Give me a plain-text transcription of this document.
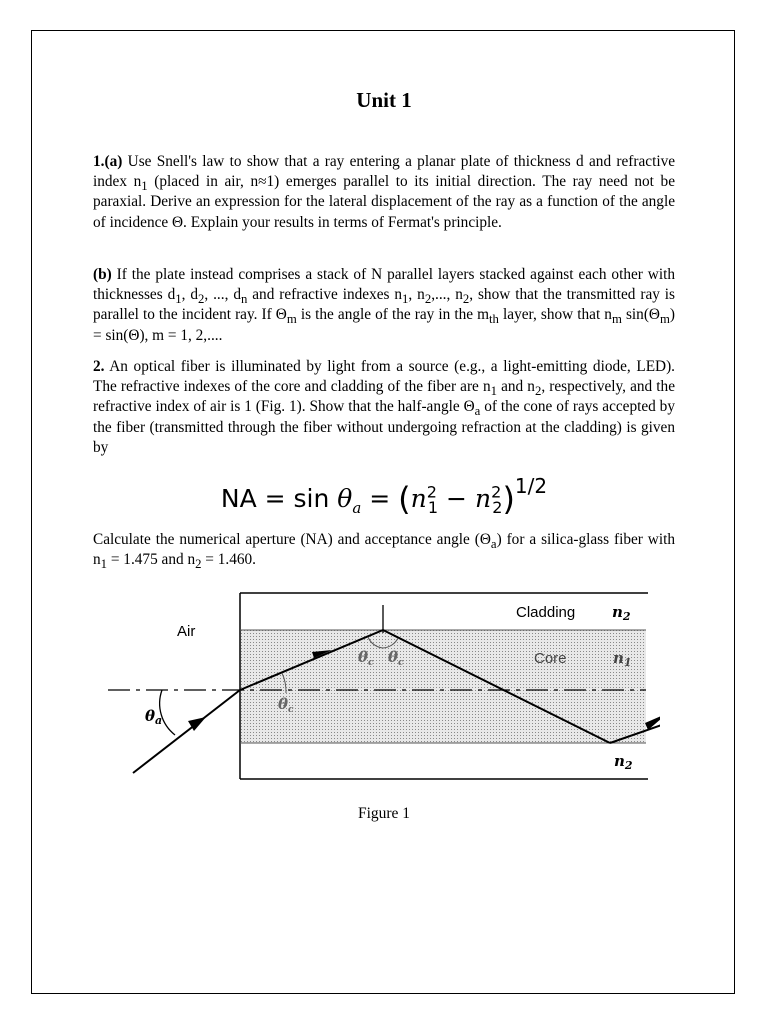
Unit 1
1.(a) Use Snell's law to show that a ray entering a planar plate of thickness d and refractive index $n_1$ (placed in air, n≈1) emerges parallel to its initial direction. The ray need not be paraxial. Derive an expression for the lateral displacement of the ray as a function of the angle of incidence Θ. Explain your results in terms of Fermat's principle.
(b) If the plate instead comprises a stack of N parallel layers stacked against each other with thicknesses $d_1$, $d_2$, ..., $d_n$ and refractive indexes $n_1$, $n_2$,..., $n_2$, show that the transmitted ray is parallel to the incident ray. If $\Theta_m$ is the angle of the ray in the $m_{th}$ layer, show that $n_m$ $\sin(\Theta_m) = \sin(\Theta)$, m = 1, 2,....
2. An optical fiber is illuminated by light from a source (e.g., a light-emitting diode, LED). The refractive indexes of the core and cladding of the fiber are $n_1$ and $n_2$, respectively, and the refractive index of air is 1 (Fig. 1). Show that the half-angle $\Theta_a$ of the cone of rays accepted by the fiber (transmitted through the fiber without undergoing refraction at the cladding) is given by
NA = $\sin \theta_a = (n^2_1 - n^2_2)^{1/2}$
Calculate the numerical aperture (NA) and acceptance angle $(\Theta_a)$ for a silica-glass fiber with $n_1 = 1.475$ and $n_2 = 1.460$.
Air
Cladding $n_2$
Core	$n_1$
$n_2$
$\theta_a$
$\theta_c$
$\theta_c$ $\theta_c$
Figure 1
